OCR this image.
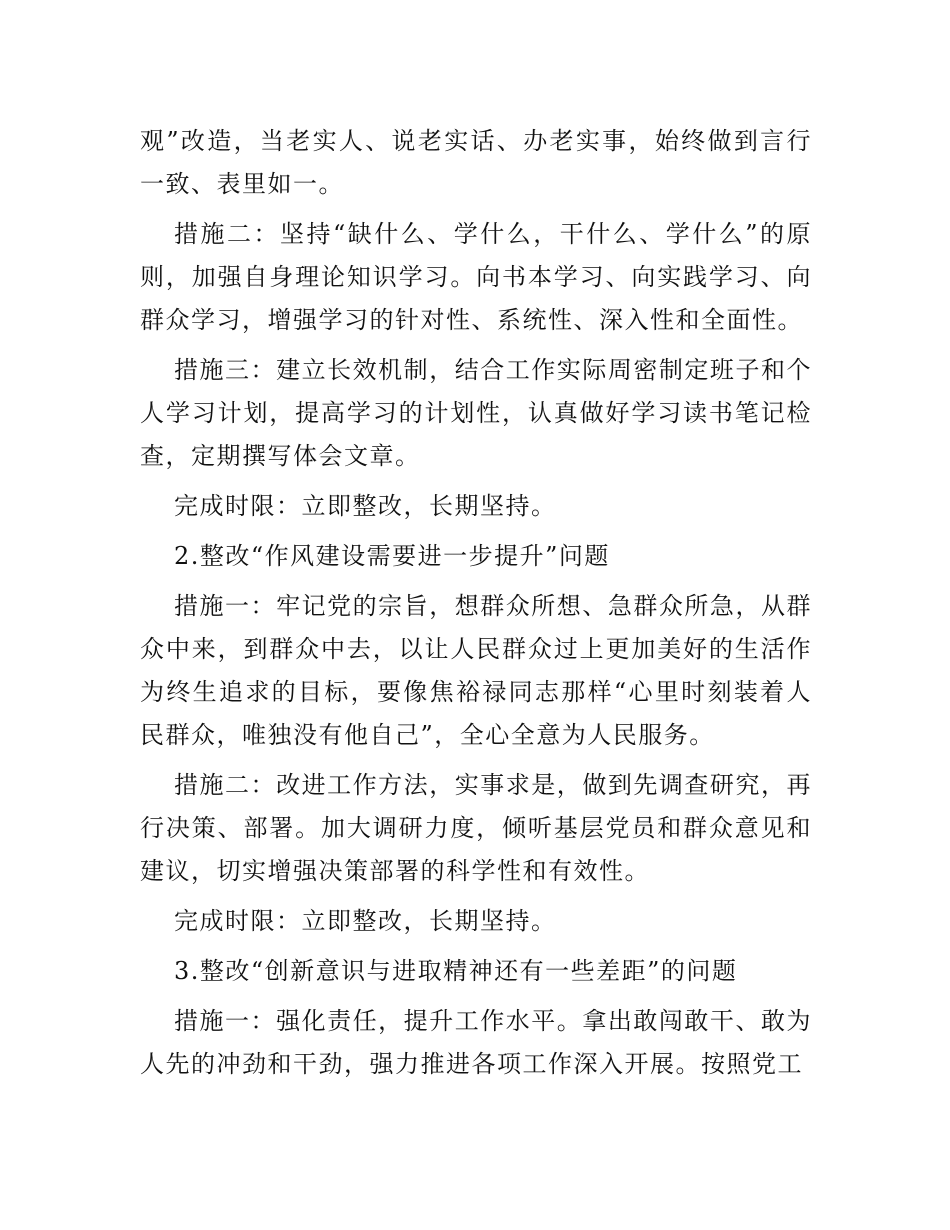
观”改造，当老实人、说老实话、办老实事，始终做到言行一致、表里如一。

措施二：坚持“缺什么、学什么，干什么、学什么”的原则，加强自身理论知识学习。向书本学习、向实践学习、向群众学习，增强学习的针对性、系统性、深入性和全面性。

措施三：建立长效机制，结合工作实际周密制定班子和个人学习计划，提高学习的计划性，认真做好学习读书笔记检查，定期撰写体会文章。

完成时限：立即整改，长期坚持。

2.整改“作风建设需要进一步提升”问题

措施一：牢记党的宗旨，想群众所想、急群众所急，从群众中来，到群众中去，以让人民群众过上更加美好的生活作为终生追求的目标，要像焦裕禄同志那样“心里时刻装着人民群众，唯独没有他自己”，全心全意为人民服务。

措施二：改进工作方法，实事求是，做到先调查研究，再行决策、部署。加大调研力度，倾听基层党员和群众意见和建议，切实增强决策部署的科学性和有效性。

完成时限：立即整改，长期坚持。

3.整改“创新意识与进取精神还有一些差距”的问题

措施一：强化责任，提升工作水平。拿出敢闯敢干、敢为人先的冲劲和干劲，强力推进各项工作深入开展。按照党工
